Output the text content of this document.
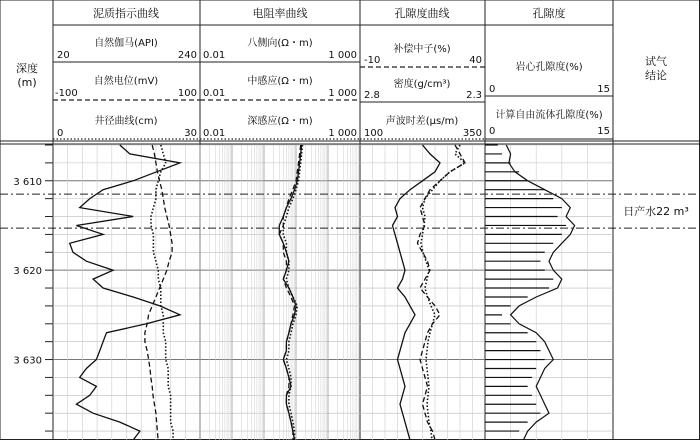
深度
(m)
泥质指示曲线	电阻率曲线	孔隙度曲线	孔隙度
试气
结论
自然伽马(API)
20	240
自然电位(mV)
-100	100
井径曲线(cm)
0	30
八侧向(Ω・m)
0.01	1 000
中感应(Ω・m)
0.01	1 000
深感应(Ω・m)
0.01	1 000
补偿中子(%)
-10	40
密度(g/cm³)
2.8	2.3
声波时差(μs/m)
100	350
岩心孔隙度(%)
0	15
计算自由流体孔隙度(%)
0	15
3 610
3 620
3 630
日产水22 m³
